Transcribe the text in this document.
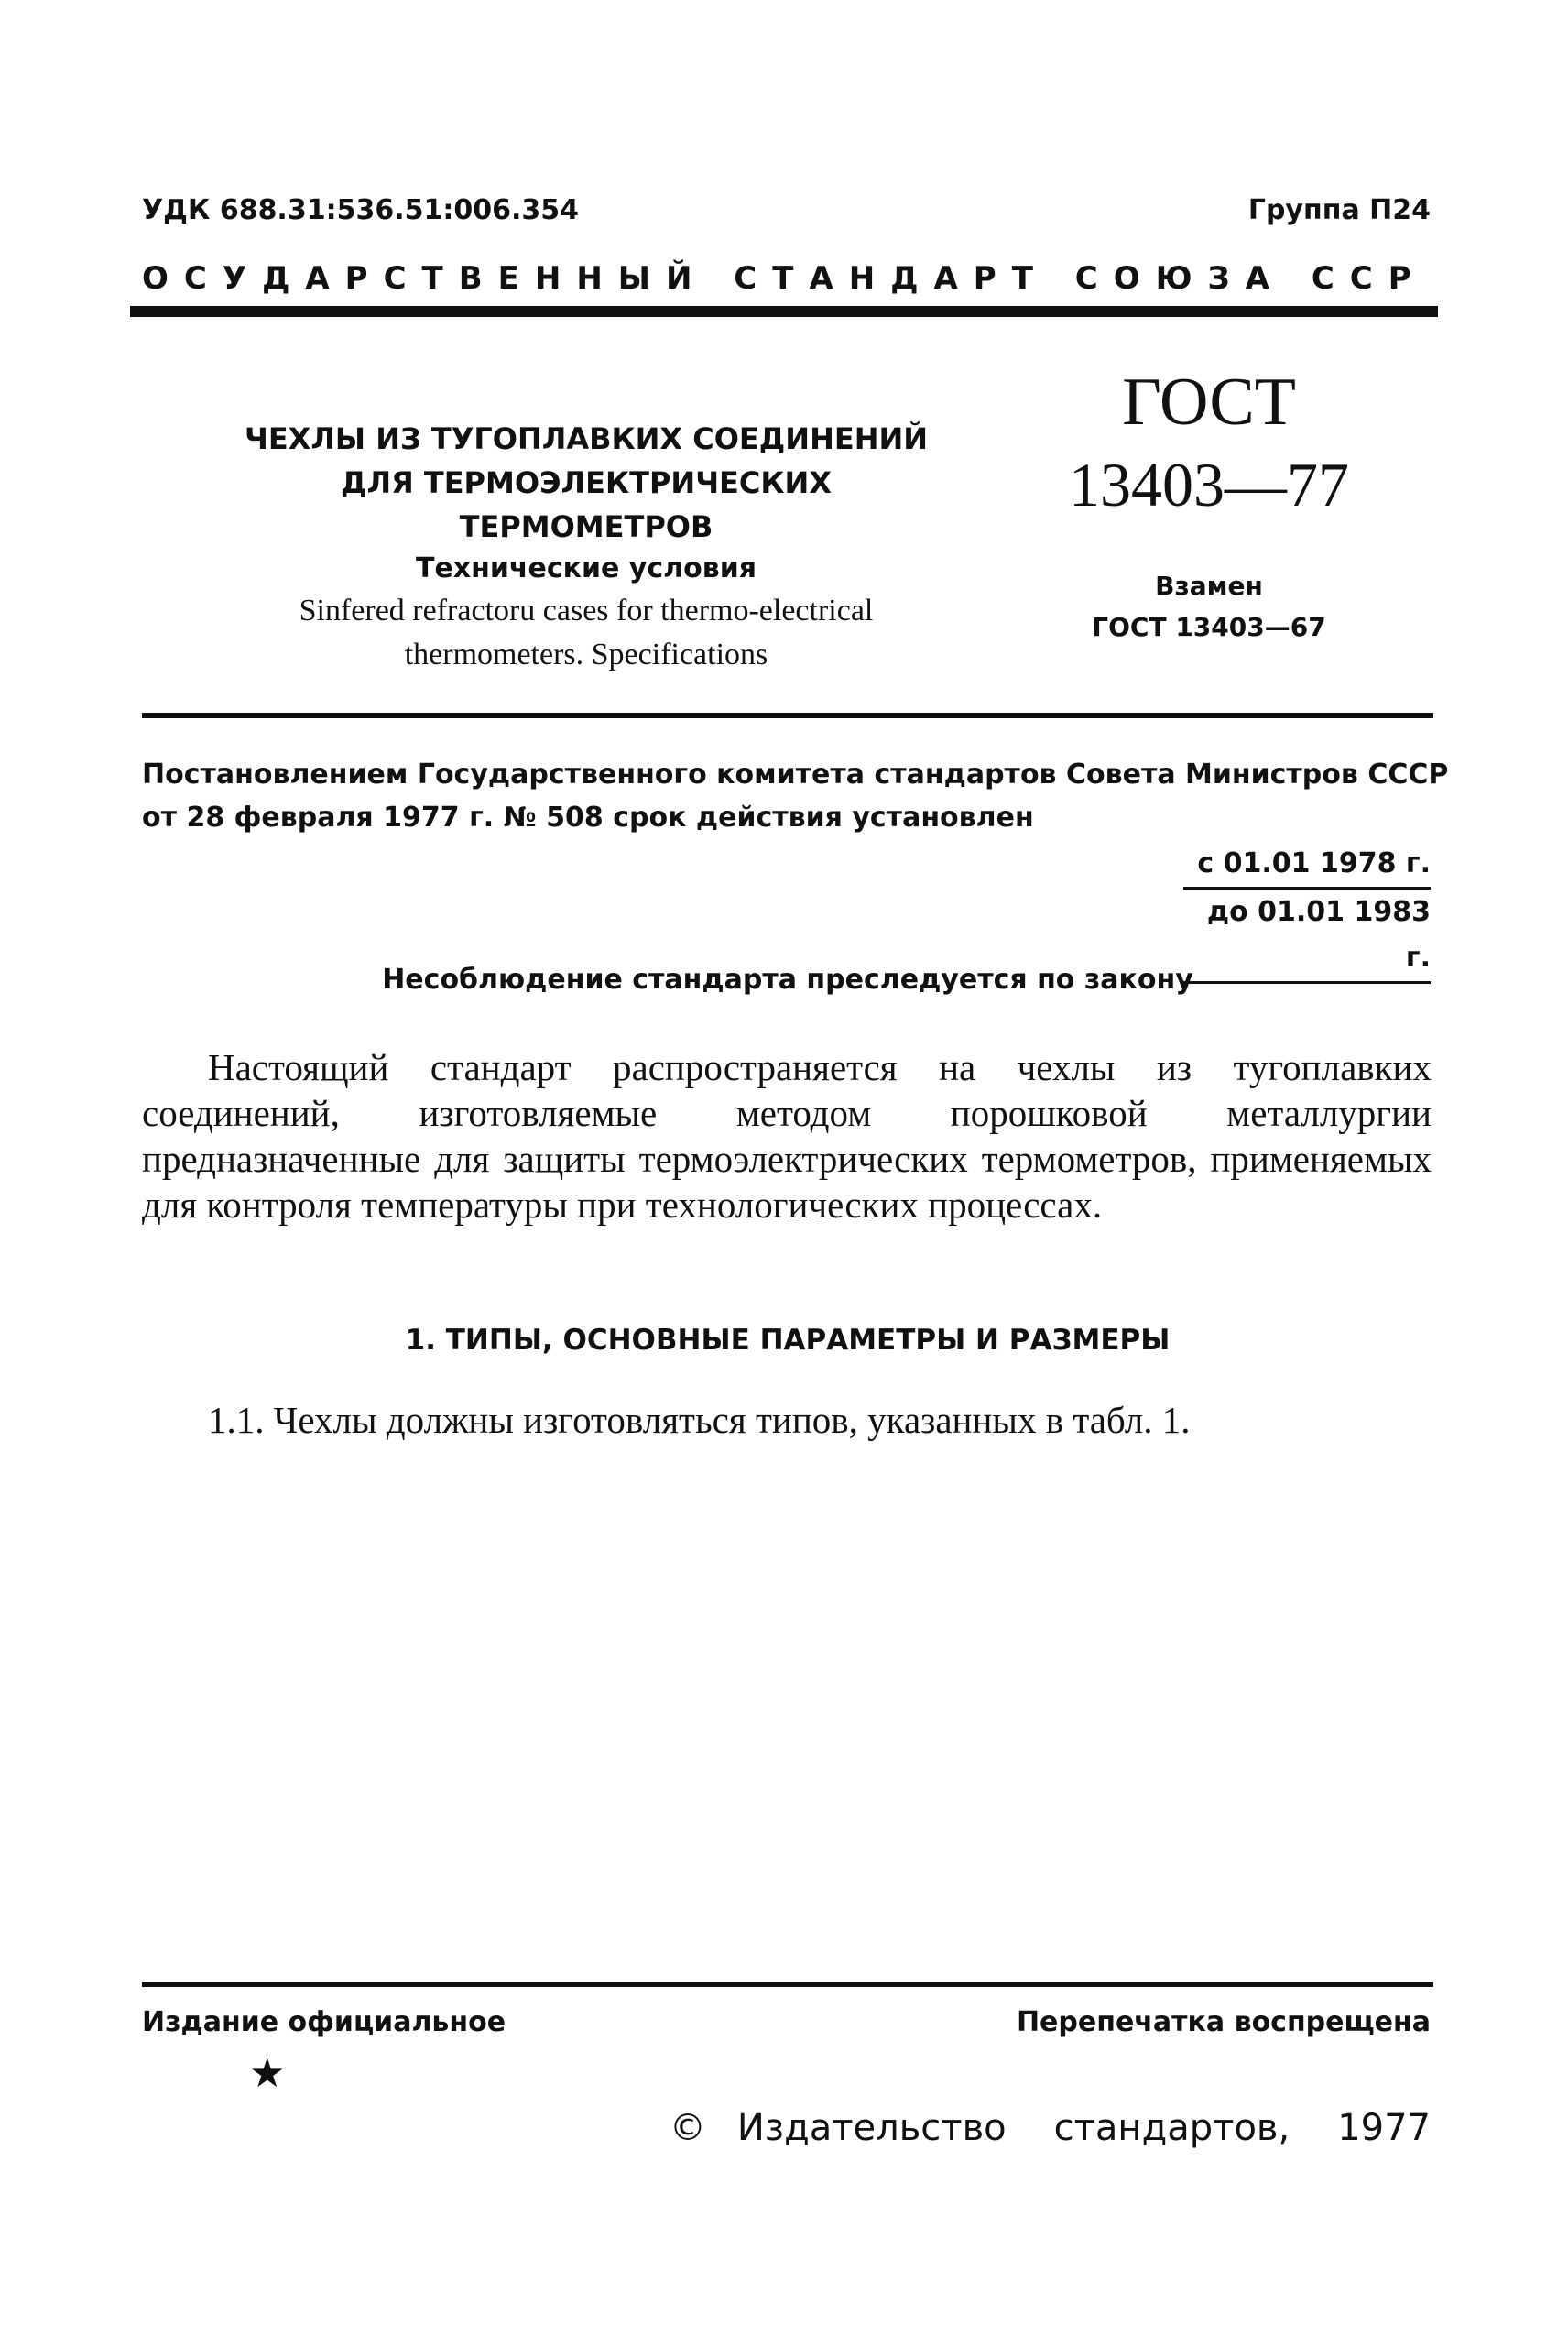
УДК 688.31:536.51:006.354	Группа П24
ОСУДАРСТВЕННЫЙ СТАНДАРТ СОЮЗА ССР
ЧЕХЛЫ ИЗ ТУГОПЛАВКИХ СОЕДИНЕНИЙ
ДЛЯ ТЕРМОЭЛЕКТРИЧЕСКИХ ТЕРМОМЕТРОВ
Технические условия
Sinfered refractoru cases for thermo-electrical
thermometers. Specifications
ГОСТ
13403—77
Взамен
ГОСТ 13403—67
Постановлением Государственного комитета стандартов Совета Министров СССР
от 28 февраля 1977 г. № 508 срок действия установлен
с 01.01 1978 г.
до 01.01 1983 г.
Несоблюдение стандарта преследуется по закону
Настоящий стандарт распространяется на чехлы из тугоплавких соединений, изготовляемые методом порошковой металлургии предназначенные для защиты термоэлектрических термометров, применяемых для контроля температуры при технологических процессах.
1. ТИПЫ, ОСНОВНЫЕ ПАРАМЕТРЫ И РАЗМЕРЫ
1.1. Чехлы должны изготовляться типов, указанных в табл. 1.
Издание официальное	Перепечатка воспрещена
★
© Издательство стандартов, 1977
